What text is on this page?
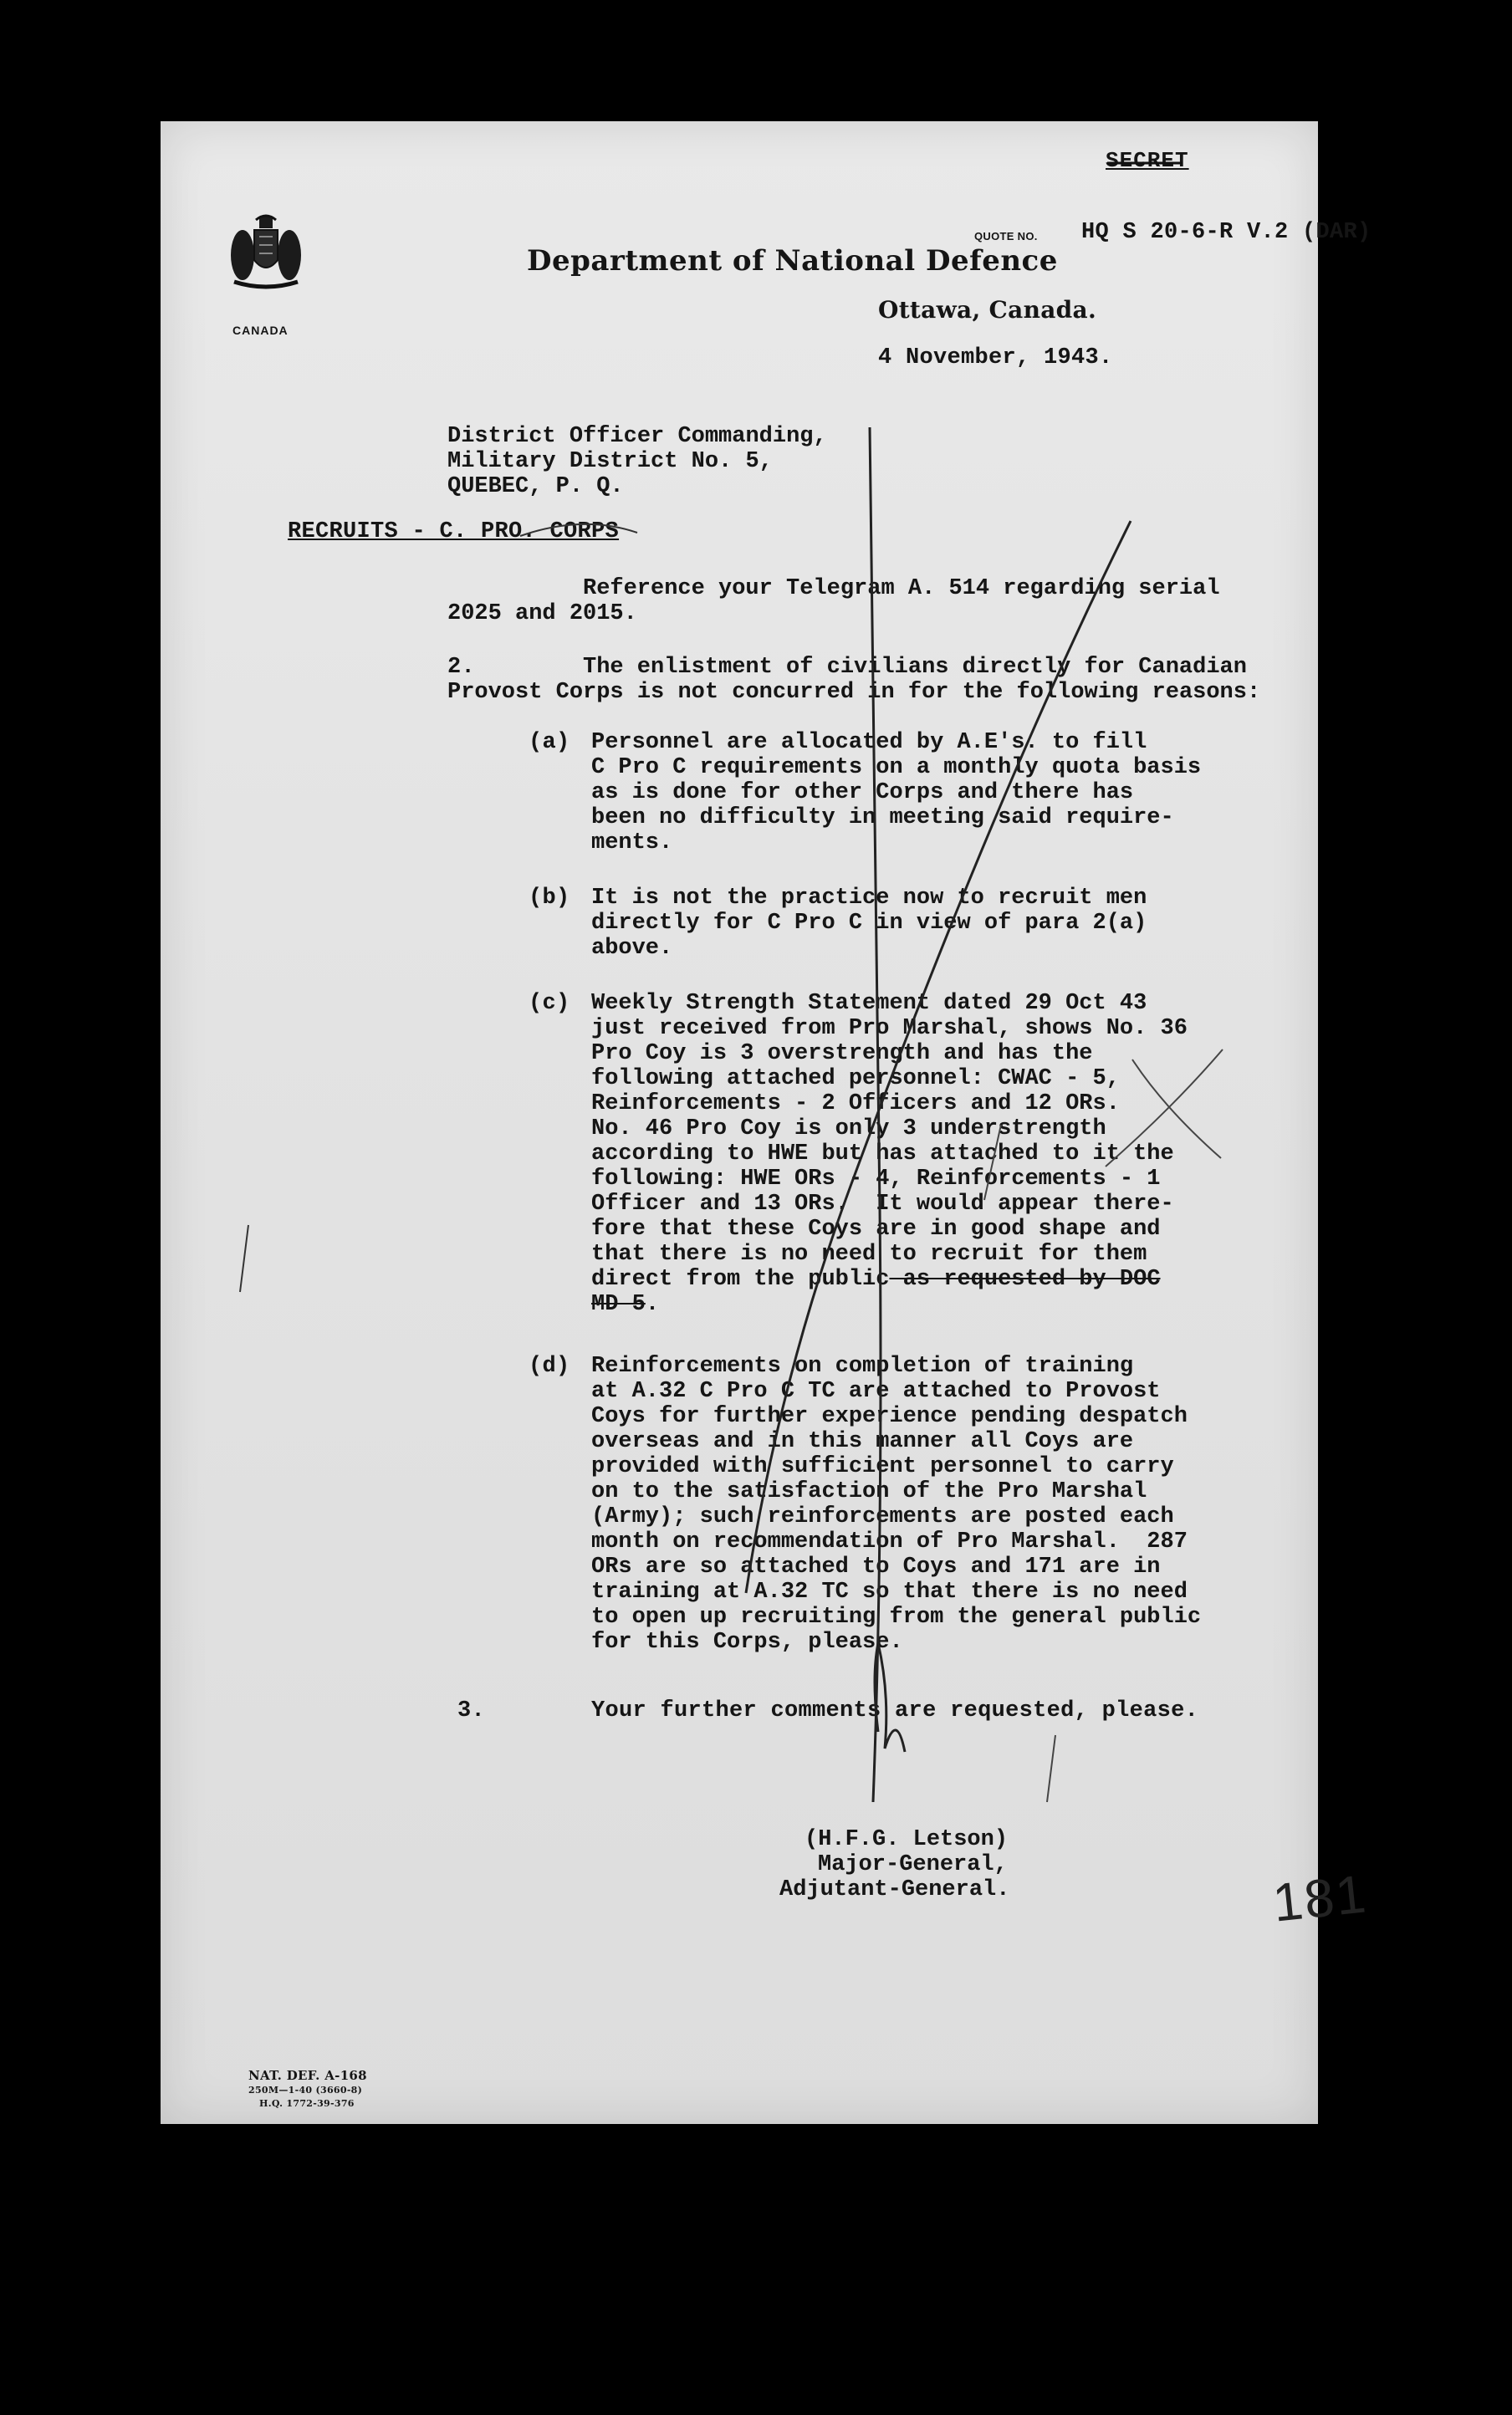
CANADA
SECRET
QUOTE NO. HQ S 20-6-R V.2 (DAR)
Department of National Defence
Ottawa, Canada.
4 November, 1943.
District Officer Commanding,
Military District No. 5,
QUEBEC, P. Q.
RECRUITS - C. PRO. CORPS
Reference your Telegram A. 514 regarding serial
2025 and 2015.
2.	The enlistment of civilians directly for Canadian
Provost Corps is not concurred in for the following reasons:
(a) Personnel are allocated by A.E's. to fill
C Pro C requirements on a monthly quota basis
as is done for other Corps and there has
been no difficulty in meeting said require-
ments.
(b) It is not the practice now to recruit men
directly for C Pro C in view of para 2(a)
above.
(c) Weekly Strength Statement dated 29 Oct 43
just received from Pro Marshal, shows No. 36
Pro Coy is 3 overstrength and has the
following attached personnel: CWAC - 5,
Reinforcements - 2 Officers and 12 ORs.
No. 46 Pro Coy is only 3 understrength
according to HWE but has attached to it the
following: HWE ORs - 4, Reinforcements - 1
Officer and 13 ORs.  It would appear there-
fore that these Coys are in good shape and
that there is no need to recruit for them
direct from the public as requested by DOC
MD 5.
(d) Reinforcements on completion of training
at A.32 C Pro C TC are attached to Provost
Coys for further experience pending despatch
overseas and in this manner all Coys are
provided with sufficient personnel to carry
on to the satisfaction of the Pro Marshal
(Army); such reinforcements are posted each
month on recommendation of Pro Marshal.  287
ORs are so attached to Coys and 171 are in
training at A.32 TC so that there is no need
to open up recruiting from the general public
for this Corps, please.
3.	Your further comments are requested, please.
(H.F.G. Letson)
Major-General,
Adjutant-General.	181
NAT. DEF. A-168
250M—1-40 (3660-8)
H.Q. 1772-39-376
